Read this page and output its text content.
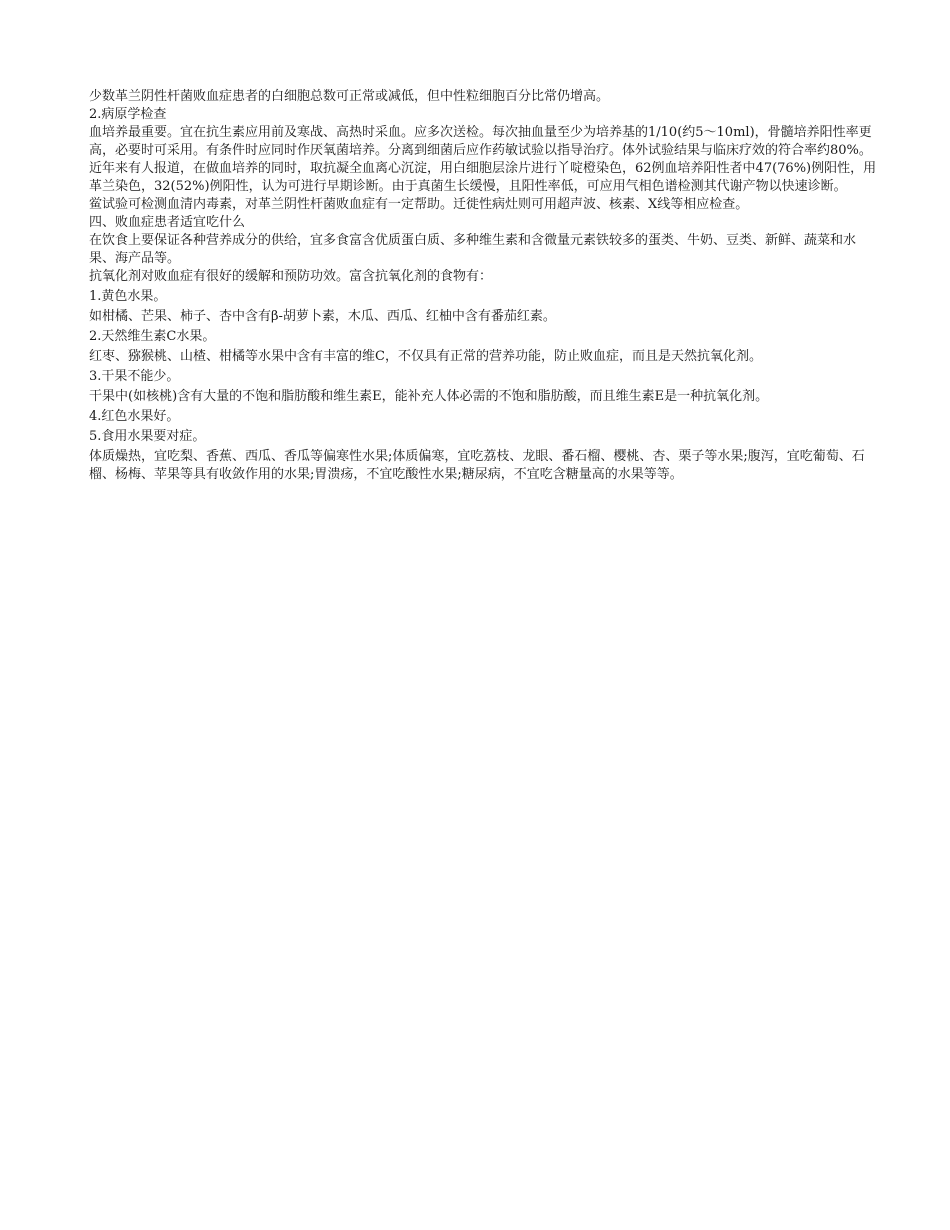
少数革兰阴性杆菌败血症患者的白细胞总数可正常或减低，但中性粒细胞百分比常仍增高。

2.病原学检查

血培养最重要。宜在抗生素应用前及寒战、高热时采血。应多次送检。每次抽血量至少为培养基的1/10(约5～10ml)，骨髓培养阳性率更高，必要时可采用。有条件时应同时作厌氧菌培养。分离到细菌后应作药敏试验以指导治疗。体外试验结果与临床疗效的符合率约80%。近年来有人报道，在做血培养的同时，取抗凝全血离心沉淀，用白细胞层涂片进行丫啶橙染色，62例血培养阳性者中47(76%)例阳性，用革兰染色，32(52%)例阳性，认为可进行早期诊断。由于真菌生长缓慢，且阳性率低，可应用气相色谱检测其代谢产物以快速诊断。

鲎试验可检测血清内毒素，对革兰阴性杆菌败血症有一定帮助。迁徙性病灶则可用超声波、核素、X线等相应检查。

四、败血症患者适宜吃什么

在饮食上要保证各种营养成分的供给，宜多食富含优质蛋白质、多种维生素和含微量元素铁较多的蛋类、牛奶、豆类、新鲜、蔬菜和水果、海产品等。

抗氧化剂对败血症有很好的缓解和预防功效。富含抗氧化剂的食物有：

1.黄色水果。

如柑橘、芒果、柿子、杏中含有β-胡萝卜素，木瓜、西瓜、红柚中含有番茄红素。

2.天然维生素C水果。

红枣、猕猴桃、山楂、柑橘等水果中含有丰富的维C，不仅具有正常的营养功能，防止败血症，而且是天然抗氧化剂。

3.干果不能少。

干果中(如核桃)含有大量的不饱和脂肪酸和维生素E，能补充人体必需的不饱和脂肪酸，而且维生素E是一种抗氧化剂。

4.红色水果好。

5.食用水果要对症。

体质燥热，宜吃梨、香蕉、西瓜、香瓜等偏寒性水果;体质偏寒，宜吃荔枝、龙眼、番石榴、樱桃、杏、栗子等水果;腹泻，宜吃葡萄、石榴、杨梅、苹果等具有收敛作用的水果;胃溃疡，不宜吃酸性水果;糖尿病，不宜吃含糖量高的水果等等。
